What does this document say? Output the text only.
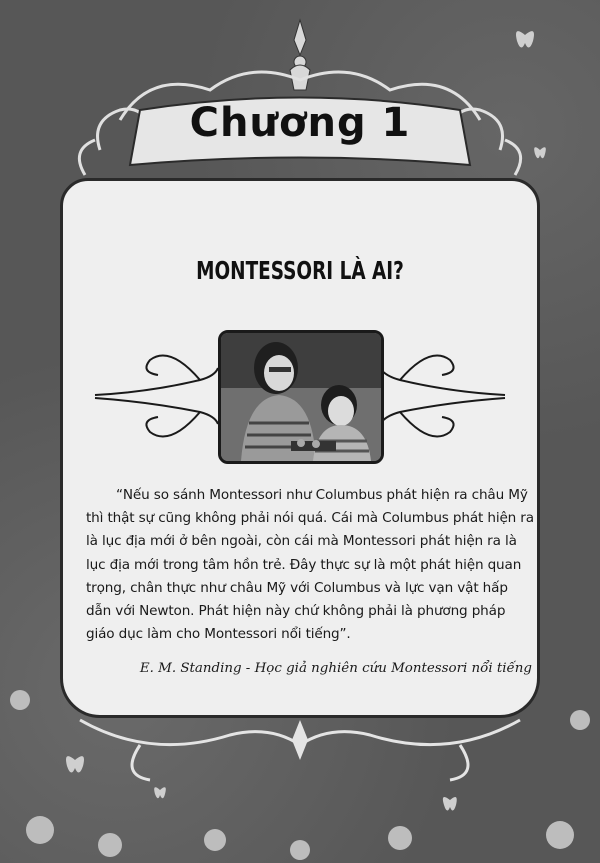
Chương 1
MONTESSORI LÀ AI?

“Nếu so sánh Montessori như Columbus phát hiện ra châu Mỹ thì thật sự cũng không phải nói quá. Cái mà Columbus phát hiện ra là lục địa mới ở bên ngoài, còn cái mà Montessori phát hiện ra là lục địa mới trong tâm hồn trẻ. Đây thực sự là một phát hiện quan trọng, chân thực như châu Mỹ với Columbus và lực vạn vật hấp dẫn với Newton. Phát hiện này chứ không phải là phương pháp giáo dục làm cho Montessori nổi tiếng”.

E. M. Standing - Học giả nghiên cứu Montessori nổi tiếng
